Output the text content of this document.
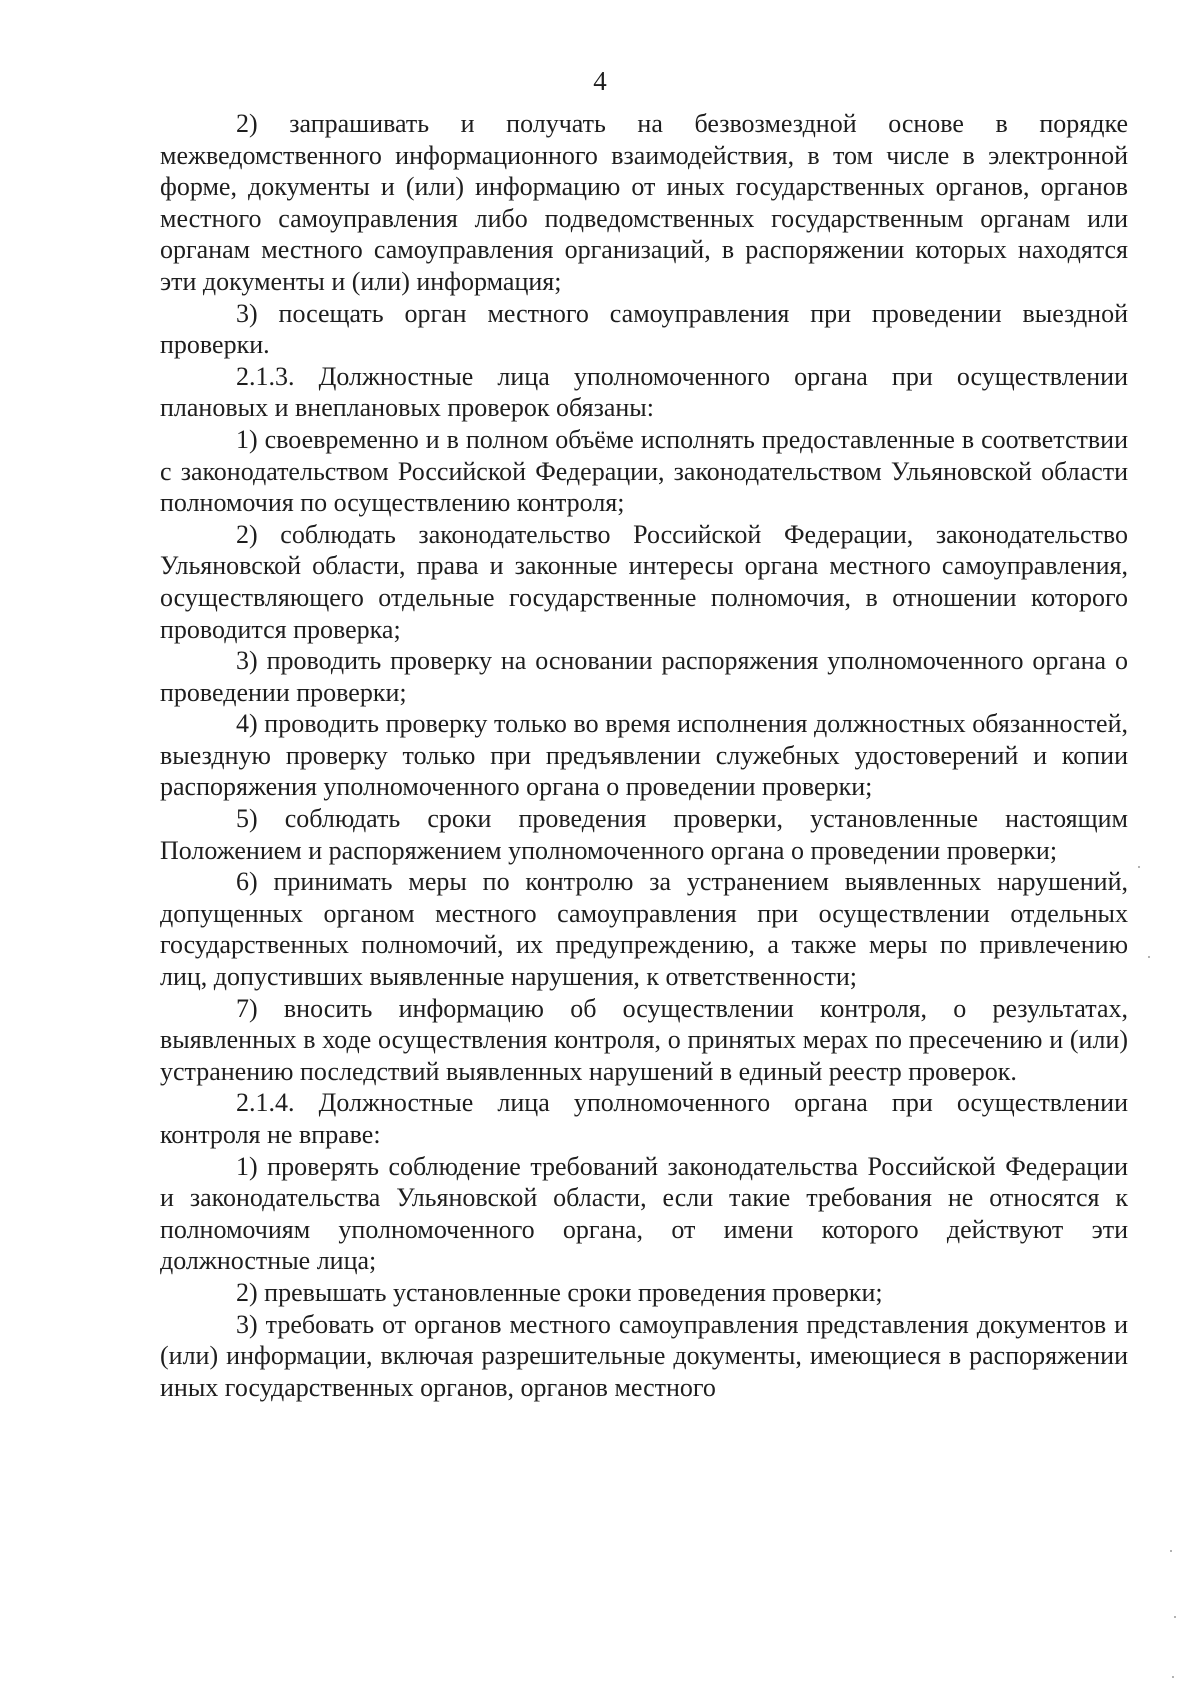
4

2) запрашивать и получать на безвозмездной основе в порядке межведомственного информационного взаимодействия, в том числе в электронной форме, документы и (или) информацию от иных государственных органов, органов местного самоуправления либо подведомственных государственным органам или органам местного самоуправления организаций, в распоряжении которых находятся эти документы и (или) информация;

3) посещать орган местного самоуправления при проведении выездной проверки.

2.1.3. Должностные лица уполномоченного органа при осуществлении плановых и внеплановых проверок обязаны:

1) своевременно и в полном объёме исполнять предоставленные в соответствии с законодательством Российской Федерации, законодательством Ульяновской области полномочия по осуществлению контроля;

2) соблюдать законодательство Российской Федерации, законодательство Ульяновской области, права и законные интересы органа местного самоуправления, осуществляющего отдельные государственные полномочия, в отношении которого проводится проверка;

3) проводить проверку на основании распоряжения уполномоченного органа о проведении проверки;

4) проводить проверку только во время исполнения должностных обязанностей, выездную проверку только при предъявлении служебных удостоверений и копии распоряжения уполномоченного органа о проведении проверки;

5) соблюдать сроки проведения проверки, установленные настоящим Положением и распоряжением уполномоченного органа о проведении проверки;

6) принимать меры по контролю за устранением выявленных нарушений, допущенных органом местного самоуправления при осуществлении отдельных государственных полномочий, их предупреждению, а также меры по привлечению лиц, допустивших выявленные нарушения, к ответственности;

7) вносить информацию об осуществлении контроля, о результатах, выявленных в ходе осуществления контроля, о принятых мерах по пресечению и (или) устранению последствий выявленных нарушений в единый реестр проверок.

2.1.4. Должностные лица уполномоченного органа при осуществлении контроля не вправе:

1) проверять соблюдение требований законодательства Российской Федерации и законодательства Ульяновской области, если такие требования не относятся к полномочиям уполномоченного органа, от имени которого действуют эти должностные лица;

2) превышать установленные сроки проведения проверки;

3) требовать от органов местного самоуправления представления документов и (или) информации, включая разрешительные документы, имеющиеся в распоряжении иных государственных органов, органов местного
